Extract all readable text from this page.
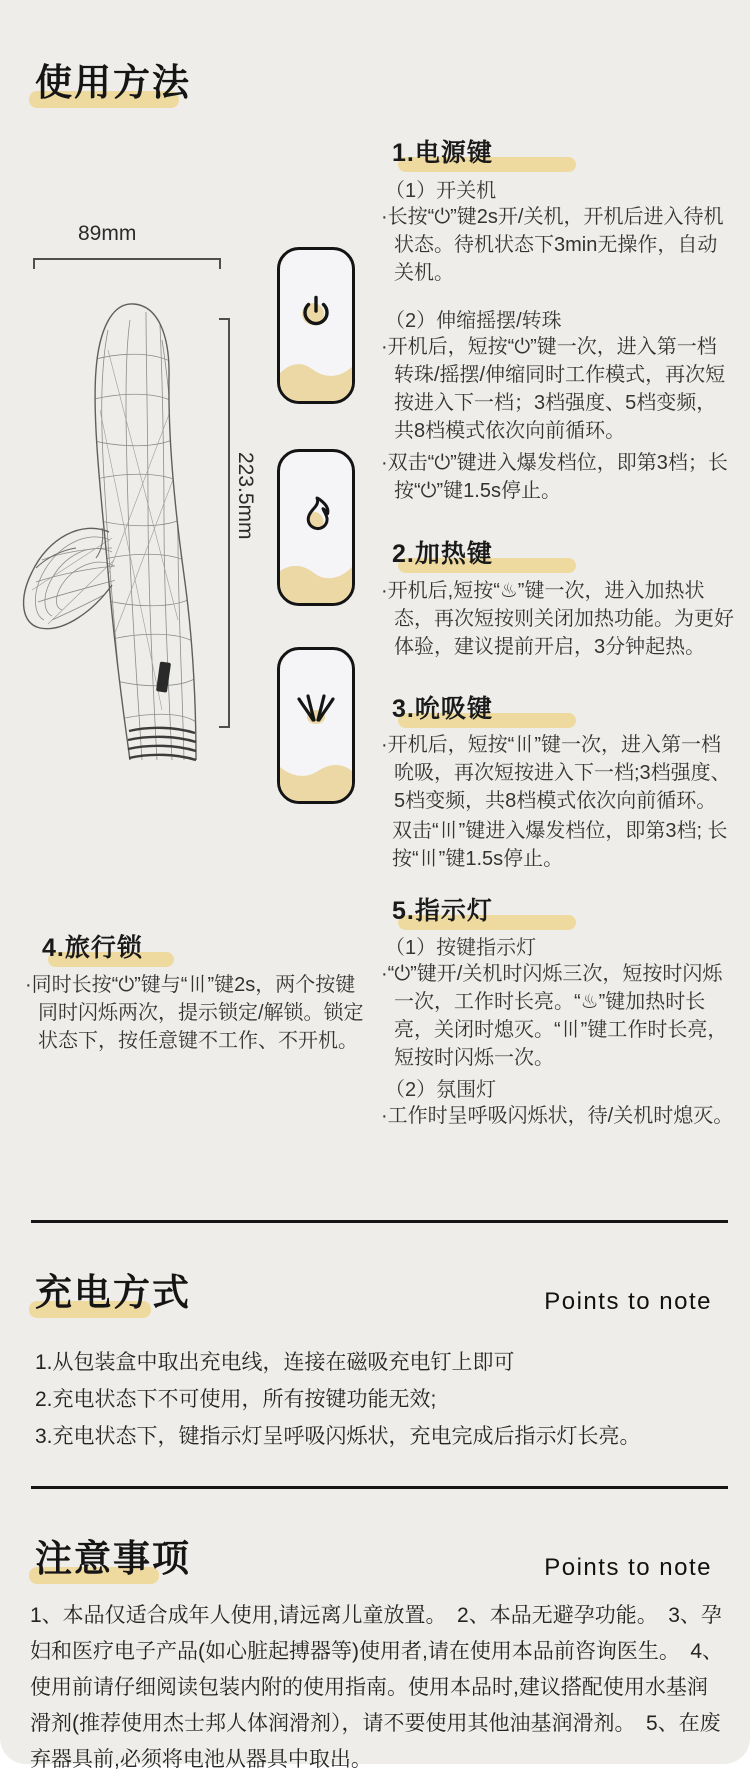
使用方法
89mm
223.5mm
1.电源键
（1）开关机
·长按“⏻”键2s开/关机，开机后进入待机状态。待机状态下3min无操作，自动关机。
（2）伸缩摇摆/转珠
·开机后，短按“⏻”键一次，进入第一档转珠/摇摆/伸缩同时工作模式，再次短按进入下一档；3档强度、5档变频，共8档模式依次向前循环。
·双击“⏻”键进入爆发档位，即第3档；长按“⏻”键1.5s停止。
2.加热键
·开机后,短按“♨”键一次，进入加热状态，再次短按则关闭加热功能。为更好体验，建议提前开启，3分钟起热。
3.吮吸键
·开机后，短按“〣”键一次，进入第一档吮吸，再次短按进入下一档;3档强度、5档变频，共8档模式依次向前循环。
双击“〣”键进入爆发档位，即第3档; 长按“〣”键1.5s停止。
4.旅行锁
·同时长按“⏻”键与“〣”键2s，两个按键同时闪烁两次，提示锁定/解锁。锁定状态下，按任意键不工作、不开机。
5.指示灯
（1）按键指示灯
·“⏻”键开/关机时闪烁三次，短按时闪烁一次，工作时长亮。“♨”键加热时长亮，关闭时熄灭。“〣”键工作时长亮，短按时闪烁一次。
（2）氛围灯
·工作时呈呼吸闪烁状，待/关机时熄灭。
充电方式	Points to note
1.从包装盒中取出充电线，连接在磁吸充电钉上即可
2.充电状态下不可使用，所有按键功能无效;
3.充电状态下，键指示灯呈呼吸闪烁状，充电完成后指示灯长亮。
注意事项	Points to note
1、本品仅适合成年人使用,请远离儿童放置。　2、本品无避孕功能。　3、孕妇和医疗电子产品(如心脏起搏器等)使用者,请在使用本品前咨询医生。　4、使用前请仔细阅读包装内附的使用指南。使用本品时,建议搭配使用水基润滑剂(推荐使用杰士邦人体润滑剂），请不要使用其他油基润滑剂。　5、在废弃器具前,必须将电池从器具中取出。
